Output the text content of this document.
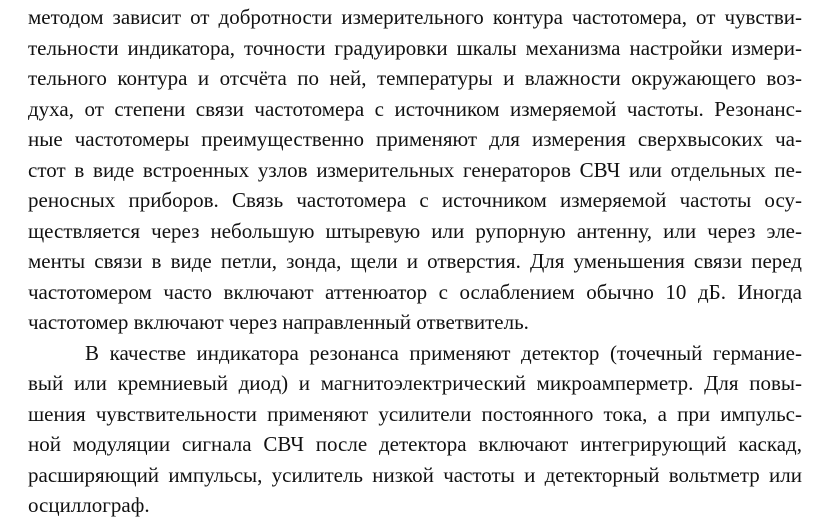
методом зависит от добротности измерительного контура частотомера, от чувстви-
тельности индикатора, точности градуировки шкалы механизма настройки измери-
тельного контура и отсчёта по ней, температуры и влажности окружающего воз-
духа, от степени связи частотомера с источником измеряемой частоты. Резонанс-
ные частотомеры преимущественно применяют для измерения сверхвысоких ча-
стот в виде встроенных узлов измерительных генераторов СВЧ или отдельных пе-
реносных приборов. Связь частотомера с источником измеряемой частоты осу-
ществляется через небольшую штыревую или рупорную антенну, или через эле-
менты связи в виде петли, зонда, щели и отверстия. Для уменьшения связи перед
частотомером часто включают аттенюатор с ослаблением обычно 10 дБ. Иногда
частотомер включают через направленный ответвитель.
В качестве индикатора резонанса применяют детектор (точечный германие-
вый или кремниевый диод) и магнитоэлектрический микроамперметр. Для повы-
шения чувствительности применяют усилители постоянного тока, а при импульс-
ной модуляции сигнала СВЧ после детектора включают интегрирующий каскад,
расширяющий импульсы, усилитель низкой частоты и детекторный вольтметр или
осциллограф.
